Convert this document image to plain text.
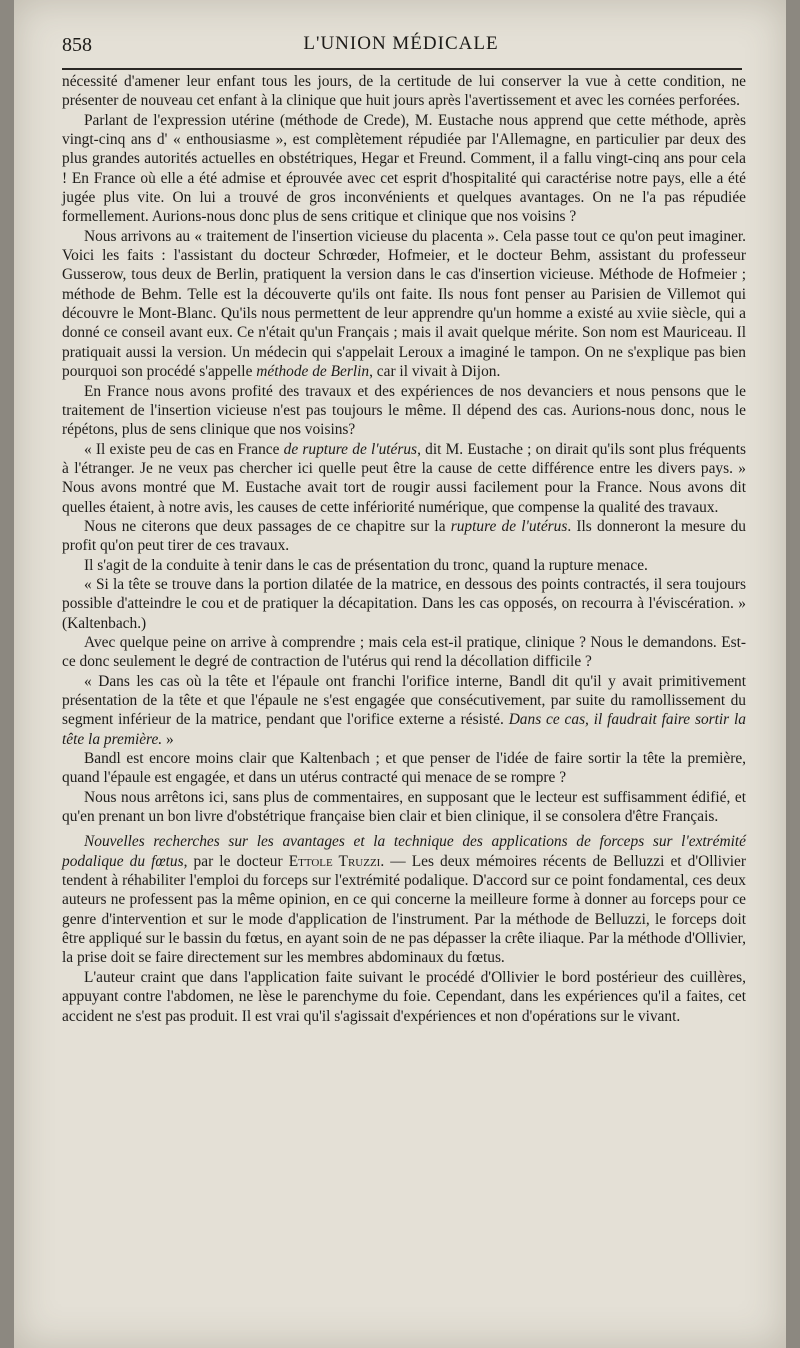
858	L'UNION MÉDICALE

nécessité d'amener leur enfant tous les jours, de la certitude de lui conserver la vue à cette condition, ne présenter de nouveau cet enfant à la clinique que huit jours après l'avertissement et avec les cornées perforées.

Parlant de l'expression utérine (méthode de Crede), M. Eustache nous apprend que cette méthode, après vingt-cinq ans d' « enthousiasme », est complètement répudiée par l'Allemagne, en particulier par deux des plus grandes autorités actuelles en obstétriques, Hegar et Freund. Comment, il a fallu vingt-cinq ans pour cela ! En France où elle a été admise et éprouvée avec cet esprit d'hospitalité qui caractérise notre pays, elle a été jugée plus vite. On lui a trouvé de gros inconvénients et quelques avantages. On ne l'a pas répudiée formellement. Aurions-nous donc plus de sens critique et clinique que nos voisins ?

Nous arrivons au « traitement de l'insertion vicieuse du placenta ». Cela passe tout ce qu'on peut imaginer. Voici les faits : l'assistant du docteur Schrœder, Hofmeier, et le docteur Behm, assistant du professeur Gusserow, tous deux de Berlin, pratiquent la version dans le cas d'insertion vicieuse. Méthode de Hofmeier ; méthode de Behm. Telle est la découverte qu'ils ont faite. Ils nous font penser au Parisien de Villemot qui découvre le Mont-Blanc. Qu'ils nous permettent de leur apprendre qu'un homme a existé au xviie siècle, qui a donné ce conseil avant eux. Ce n'était qu'un Français ; mais il avait quelque mérite. Son nom est Mauriceau. Il pratiquait aussi la version. Un médecin qui s'appelait Leroux a imaginé le tampon. On ne s'explique pas bien pourquoi son procédé s'appelle méthode de Berlin, car il vivait à Dijon.

En France nous avons profité des travaux et des expériences de nos devanciers et nous pensons que le traitement de l'insertion vicieuse n'est pas toujours le même. Il dépend des cas. Aurions-nous donc, nous le répétons, plus de sens clinique que nos voisins?

« Il existe peu de cas en France de rupture de l'utérus, dit M. Eustache ; on dirait qu'ils sont plus fréquents à l'étranger. Je ne veux pas chercher ici quelle peut être la cause de cette différence entre les divers pays. » Nous avons montré que M. Eustache avait tort de rougir aussi facilement pour la France. Nous avons dit quelles étaient, à notre avis, les causes de cette infériorité numérique, que compense la qualité des travaux.

Nous ne citerons que deux passages de ce chapitre sur la rupture de l'utérus. Ils donneront la mesure du profit qu'on peut tirer de ces travaux.

Il s'agit de la conduite à tenir dans le cas de présentation du tronc, quand la rupture menace.

« Si la tête se trouve dans la portion dilatée de la matrice, en dessous des points contractés, il sera toujours possible d'atteindre le cou et de pratiquer la décapitation. Dans les cas opposés, on recourra à l'éviscération. » (Kaltenbach.)

Avec quelque peine on arrive à comprendre ; mais cela est-il pratique, clinique ? Nous le demandons. Est-ce donc seulement le degré de contraction de l'utérus qui rend la décollation difficile ?

« Dans les cas où la tête et l'épaule ont franchi l'orifice interne, Bandl dit qu'il y avait primitivement présentation de la tête et que l'épaule ne s'est engagée que consécutivement, par suite du ramollissement du segment inférieur de la matrice, pendant que l'orifice externe a résisté. Dans ce cas, il faudrait faire sortir la tête la première. »

Bandl est encore moins clair que Kaltenbach ; et que penser de l'idée de faire sortir la tête la première, quand l'épaule est engagée, et dans un utérus contracté qui menace de se rompre ?

Nous nous arrêtons ici, sans plus de commentaires, en supposant que le lecteur est suffisamment édifié, et qu'en prenant un bon livre d'obstétrique française bien clair et bien clinique, il se consolera d'être Français.

Nouvelles recherches sur les avantages et la technique des applications de forceps sur l'extrémité podalique du fœtus, par le docteur Ettole Truzzi. — Les deux mémoires récents de Belluzzi et d'Ollivier tendent à réhabiliter l'emploi du forceps sur l'extrémité podalique. D'accord sur ce point fondamental, ces deux auteurs ne professent pas la même opinion, en ce qui concerne la meilleure forme à donner au forceps pour ce genre d'intervention et sur le mode d'application de l'instrument. Par la méthode de Belluzzi, le forceps doit être appliqué sur le bassin du fœtus, en ayant soin de ne pas dépasser la crête iliaque. Par la méthode d'Ollivier, la prise doit se faire directement sur les membres abdominaux du fœtus.

L'auteur craint que dans l'application faite suivant le procédé d'Ollivier le bord postérieur des cuillères, appuyant contre l'abdomen, ne lèse le parenchyme du foie. Cependant, dans les expériences qu'il a faites, cet accident ne s'est pas produit. Il est vrai qu'il s'agissait d'expériences et non d'opérations sur le vivant.
